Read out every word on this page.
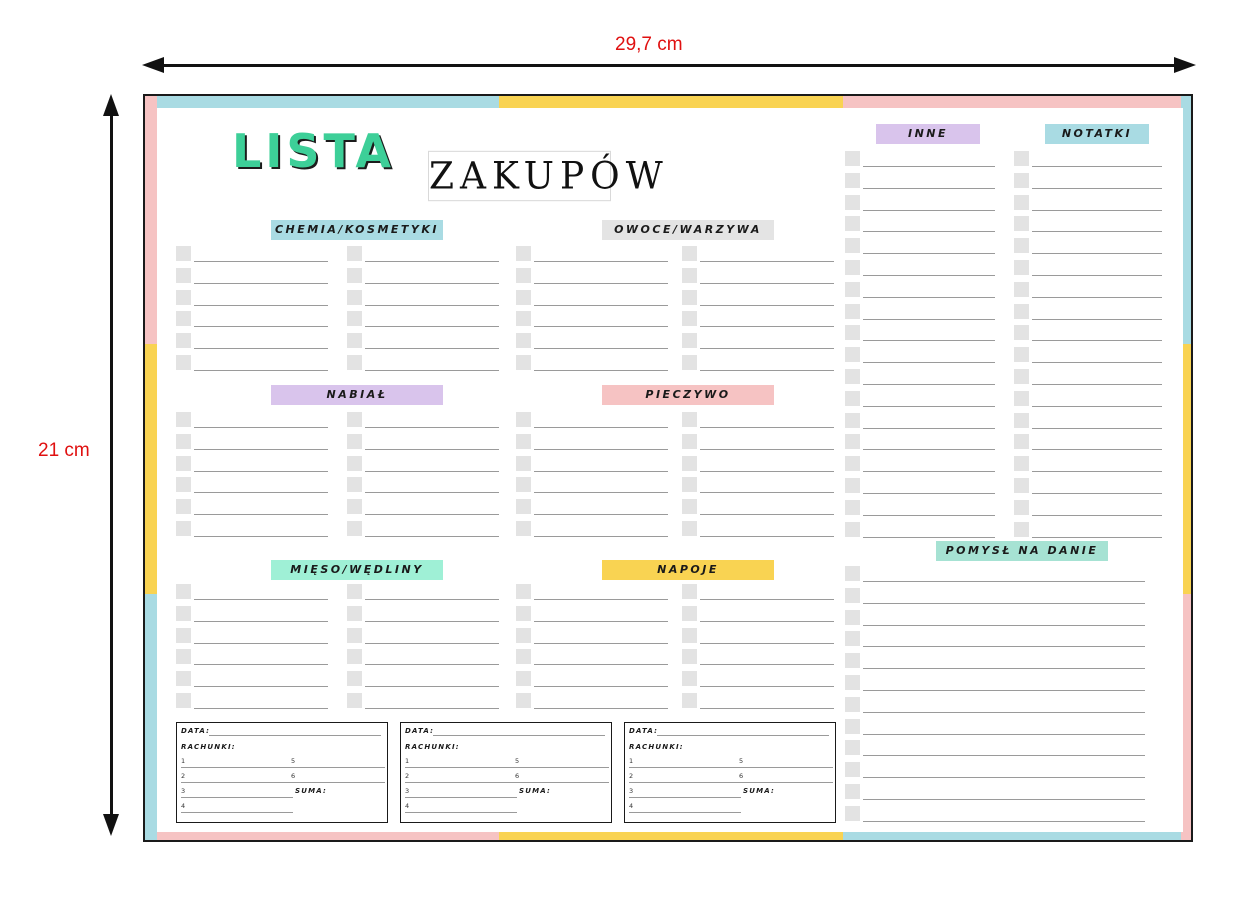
29,7 cm
21 cm
LISTA ZAKUPÓW
CHEMIA/KOSMETYKI	OWOCE/WARZYWA
NABIAŁ	PIECZYWO
MIĘSO/WĘDLINY	NAPOJE
INNE	NOTATKI
POMYSŁ NA DANIE
DATA:
RACHUNKI:
1
2
3
4
5
6
SUMA:
DATA:
RACHUNKI:
1
2
3
4
5
6
SUMA:
DATA:
RACHUNKI:
1
2
3
4
5
6
SUMA:
